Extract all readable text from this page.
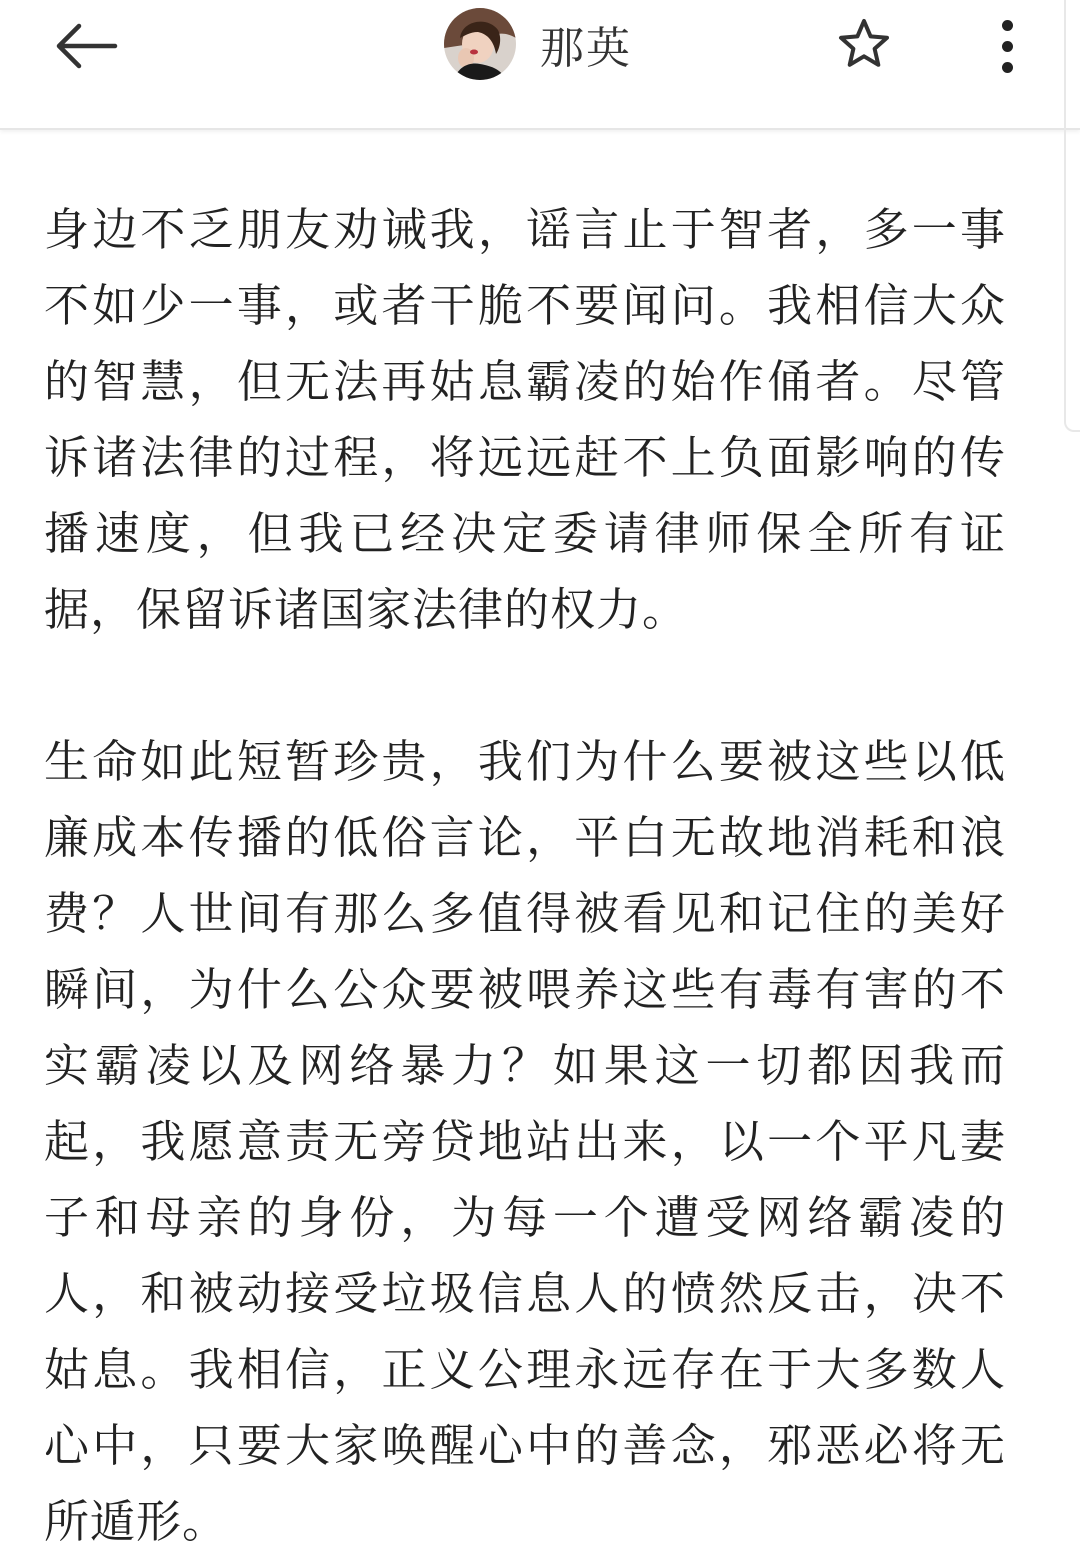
那英

身边不乏朋友劝诫我，谣言止于智者，多一事不如少一事，或者干脆不要闻问。我相信大众的智慧，但无法再姑息霸凌的始作俑者。尽管诉诸法律的过程，将远远赶不上负面影响的传播速度，但我已经决定委请律师保全所有证据，保留诉诸国家法律的权力。

生命如此短暂珍贵，我们为什么要被这些以低廉成本传播的低俗言论，平白无故地消耗和浪费？人世间有那么多值得被看见和记住的美好瞬间，为什么公众要被喂养这些有毒有害的不实霸凌以及网络暴力？如果这一切都因我而起，我愿意责无旁贷地站出来，以一个平凡妻子和母亲的身份，为每一个遭受网络霸凌的人，和被动接受垃圾信息人的愤然反击，决不姑息。我相信，正义公理永远存在于大多数人心中，只要大家唤醒心中的善念，邪恶必将无所遁形。
